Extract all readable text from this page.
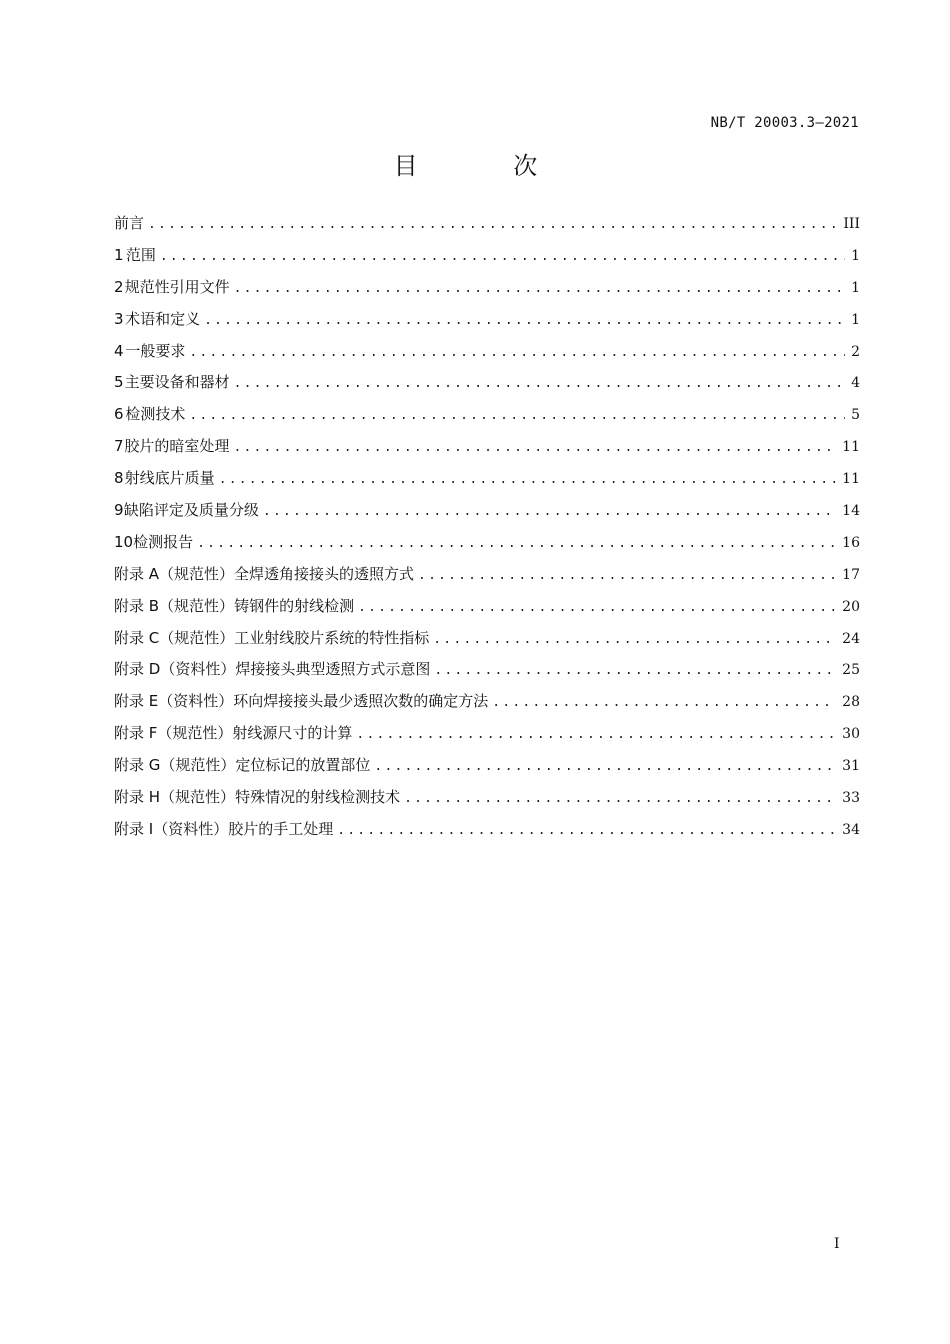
NB/T 20003.3—2021
目 次
前言 .....	III
1 范围 .....	1
2 规范性引用文件 .....	1
3 术语和定义 .....	1
4 一般要求 .....	2
5 主要设备和器材 .....	4
6 检测技术 .....	5
7 胶片的暗室处理 .....	11
8 射线底片质量 .....	11
9 缺陷评定及质量分级 .....	14
10 检测报告 .....	16
附录 A（规范性） 全焊透角接接头的透照方式 .....	17
附录 B（规范性） 铸钢件的射线检测 .....	20
附录 C（规范性） 工业射线胶片系统的特性指标 .....	24
附录 D（资料性） 焊接接头典型透照方式示意图 .....	25
附录 E（资料性） 环向焊接接头最少透照次数的确定方法 .....	28
附录 F（规范性） 射线源尺寸的计算 .....	30
附录 G（规范性） 定位标记的放置部位 .....	31
附录 H（规范性） 特殊情况的射线检测技术 .....	33
附录 I（资料性） 胶片的手工处理 .....	34
I
